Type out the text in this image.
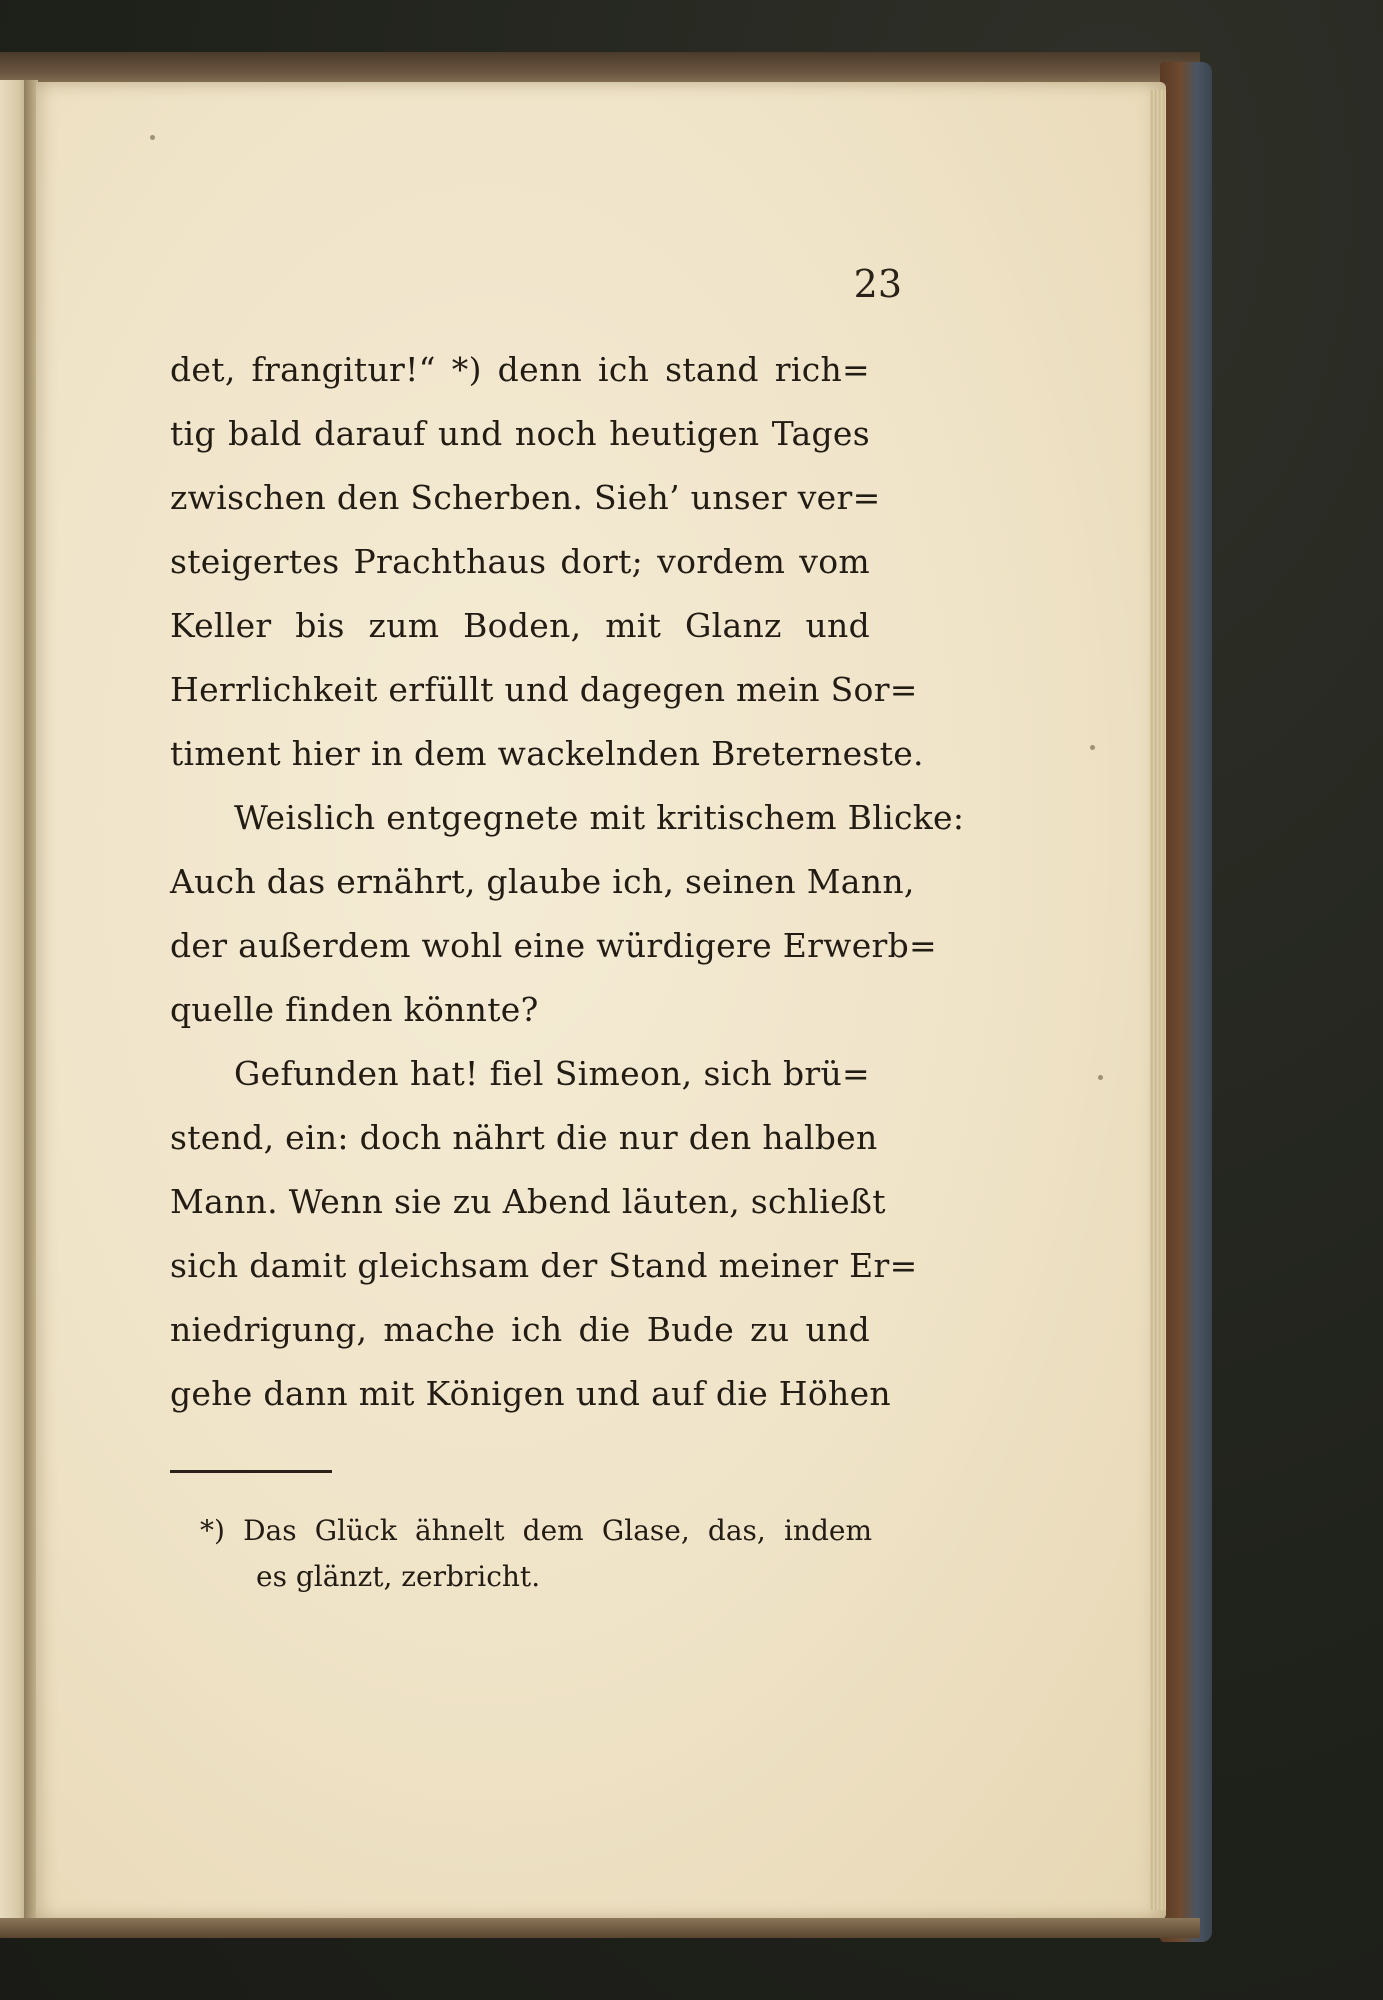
23
det, frangitur!“ *) denn ich stand rich=
tig bald darauf und noch heutigen Tages
zwischen den Scherben. Sieh’ unser ver=
steigertes Prachthaus dort; vordem vom
Keller bis zum Boden, mit Glanz und
Herrlichkeit erfüllt und dagegen mein Sor=
timent hier in dem wackelnden Breterneste.
Weislich entgegnete mit kritischem Blicke:
Auch das ernährt, glaube ich, seinen Mann,
der außerdem wohl eine würdigere Erwerb=
quelle finden könnte?
Gefunden hat! fiel Simeon, sich brü=
stend, ein: doch nährt die nur den halben
Mann. Wenn sie zu Abend läuten, schließt
sich damit gleichsam der Stand meiner Er=
niedrigung, mache ich die Bude zu und
gehe dann mit Königen und auf die Höhen
*) Das Glück ähnelt dem Glase, das, indem
es glänzt, zerbricht.
